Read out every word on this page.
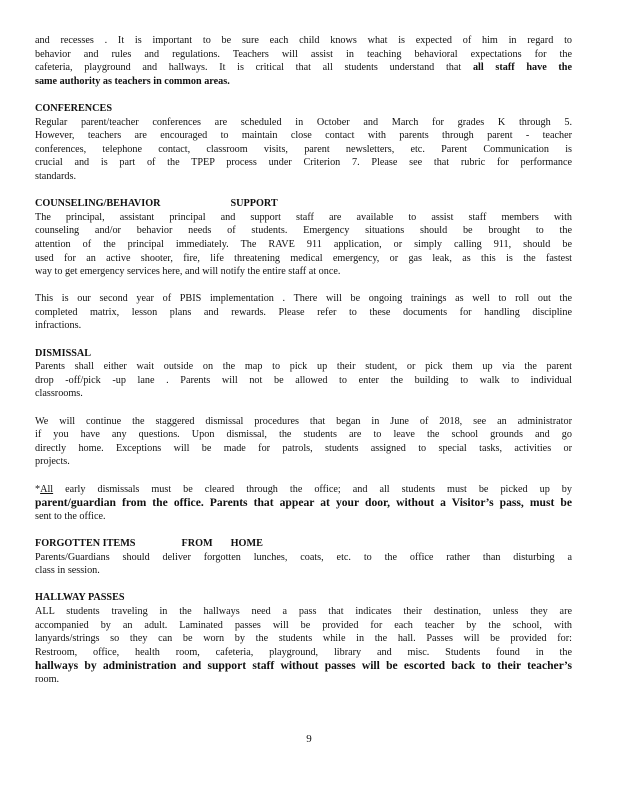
and recesses . It is important to be sure each child knows what is expected of him in regard to
behavior and rules and regulations. Teachers will assist in teaching behavioral expectations for the
cafeteria, playground and hallways. It is critical that all students understand that all staff have the
same authority as teachers in common areas.
CONFERENCES
Regular parent/teacher conferences are scheduled in October and March for grades K through 5.
However, teachers are encouraged to maintain close contact with parents through parent - teacher
conferences, telephone contact, classroom visits, parent newsletters, etc. Parent Communication is
crucial and is part of the TPEP process under Criterion 7. Please see that rubric for performance
standards.
COUNSELING/BEHAVIOR	SUPPORT
The principal, assistant principal and support staff are available to assist staff members with
counseling and/or behavior needs of students. Emergency situations should be brought to the
attention of the principal immediately. The RAVE 911 application, or simply calling 911, should be
used for an active shooter, fire, life threatening medical emergency, or gas leak, as this is the fastest
way to get emergency services here, and will notify the entire staff at once.
This is our second year of PBIS implementation . There will be ongoing trainings as well to roll out the
completed matrix, lesson plans and rewards. Please refer to these documents for handling discipline
infractions.
DISMISSAL
Parents shall either wait outside on the map to pick up their student, or pick them up via the parent
drop -off/pick -up lane . Parents will not be allowed to enter the building to walk to individual
classrooms.
We will continue the staggered dismissal procedures that began in June of 2018, see an administrator
if you have any questions. Upon dismissal, the students are to leave the school grounds and go
directly home. Exceptions will be made for patrols, students assigned to special tasks, activities or
projects.
*All early dismissals must be cleared through the office; and all students must be picked up by
parent/guardian from the office. Parents that appear at your door, without a Visitor’s pass, must be
sent to the office.
FORGOTTEN ITEMS	FROM HOME
Parents/Guardians should deliver forgotten lunches, coats, etc. to the office rather than disturbing a
class in session.
HALLWAY PASSES
ALL students traveling in the hallways need a pass that indicates their destination, unless they are
accompanied by an adult. Laminated passes will be provided for each teacher by the school, with
lanyards/strings so they can be worn by the students while in the hall. Passes will be provided for:
Restroom, office, health room, cafeteria, playground, library and misc. Students found in the
hallways by administration and support staff without passes will be escorted back to their teacher’s
room.
9
